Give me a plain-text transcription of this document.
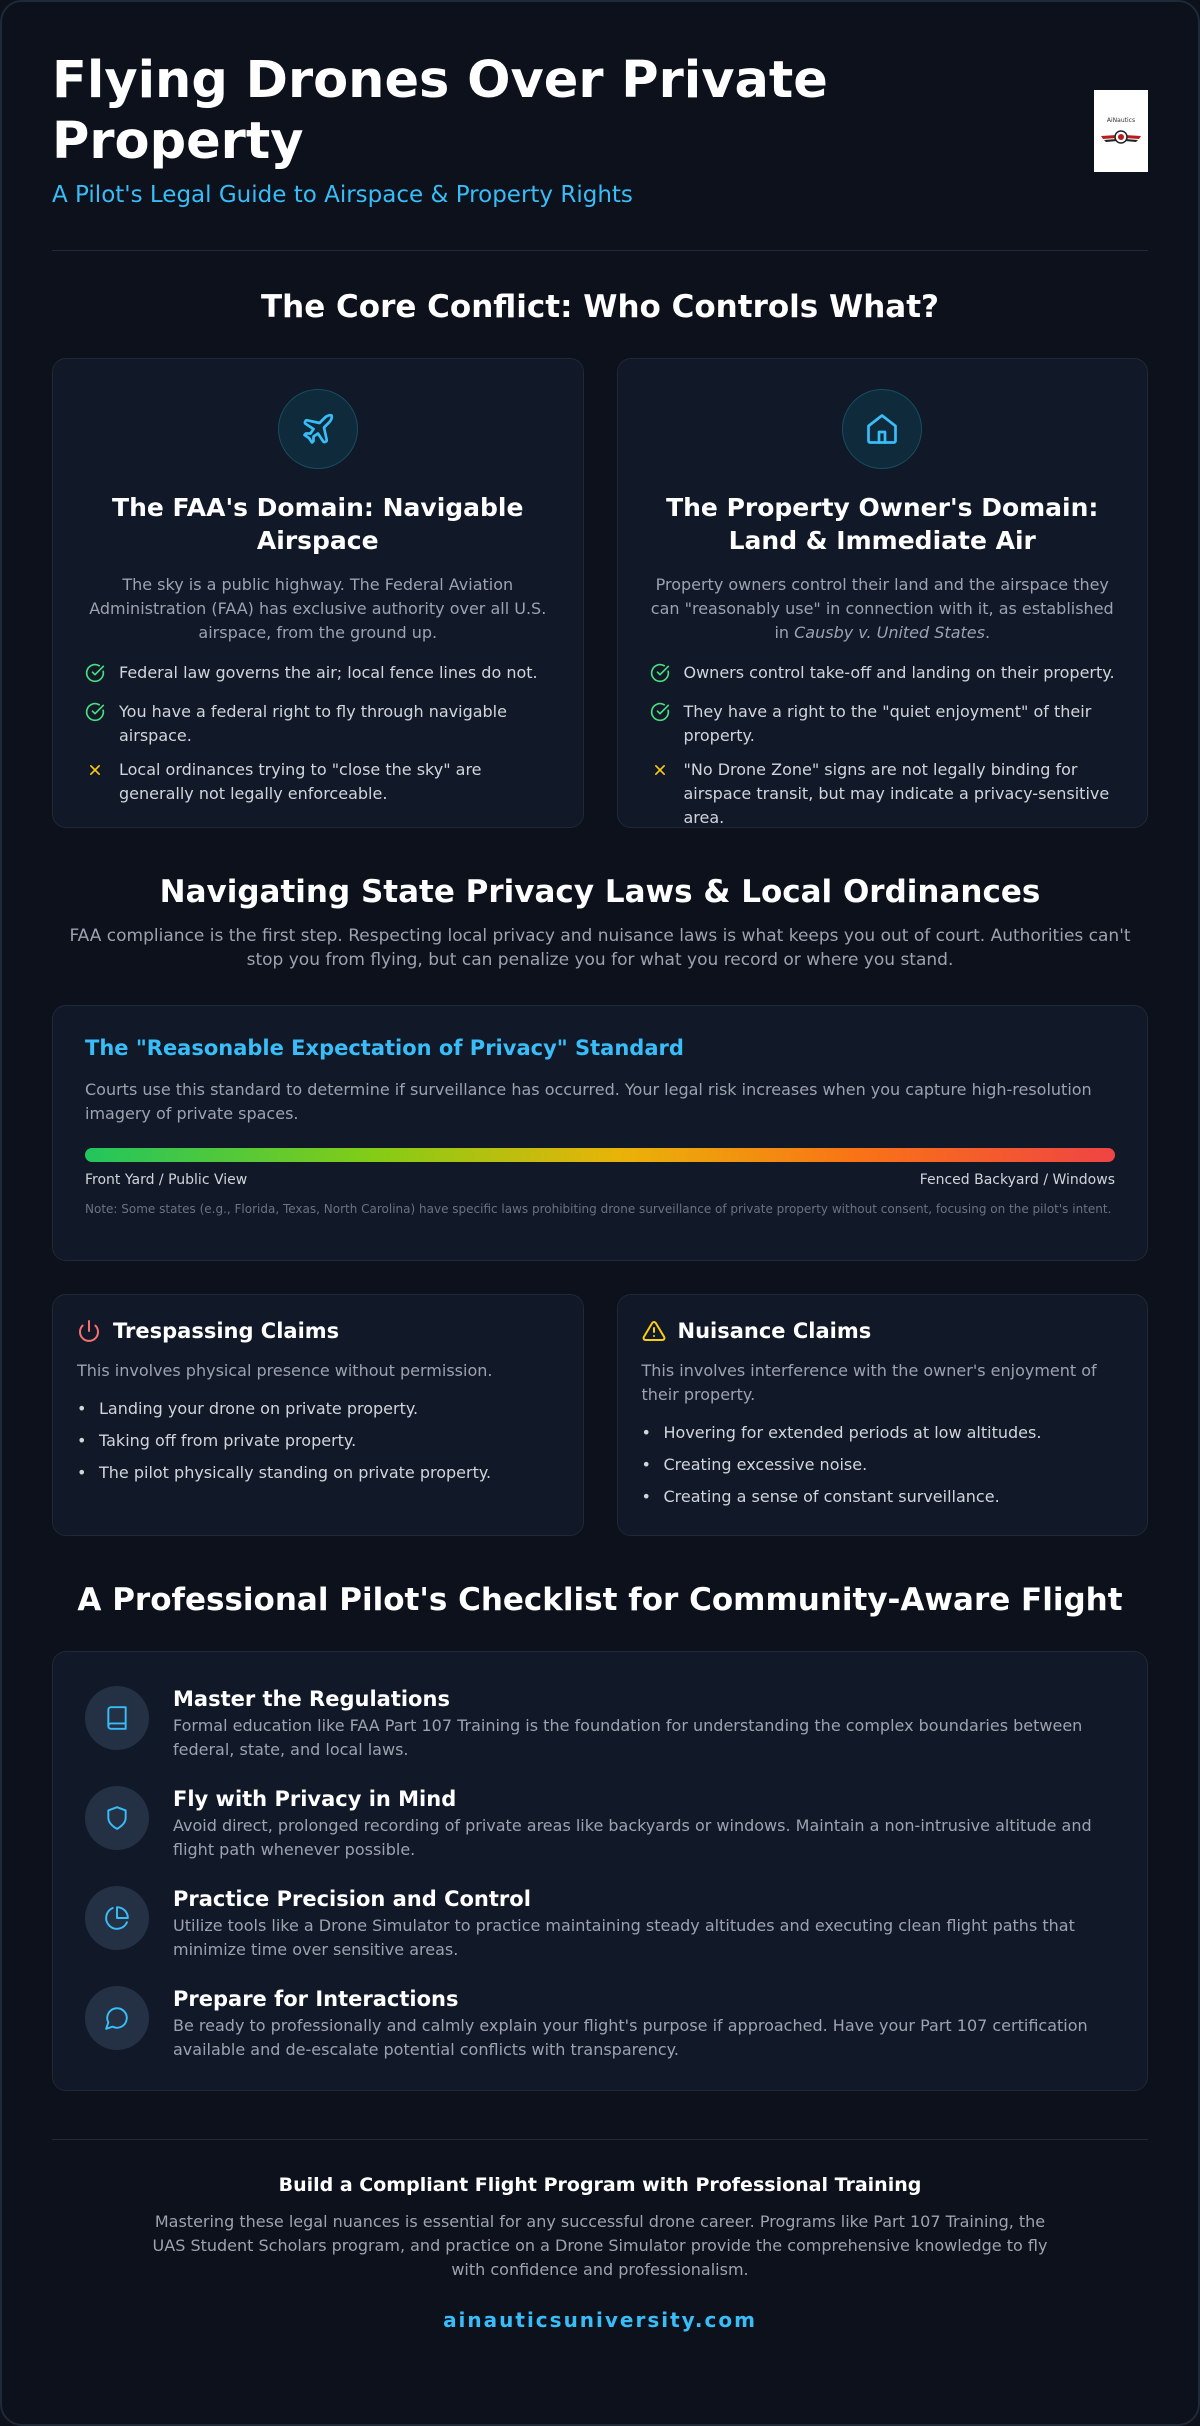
Flying Drones Over Private Property
A Pilot's Legal Guide to Airspace & Property Rights
AiNautics
The Core Conflict: Who Controls What?
The FAA's Domain: Navigable Airspace

The sky is a public highway. The Federal Aviation Administration (FAA) has exclusive authority over all U.S. airspace, from the ground up.

Federal law governs the air; local fence lines do not.
You have a federal right to fly through navigable airspace.
Local ordinances trying to "close the sky" are generally not legally enforceable.
The Property Owner's Domain: Land & Immediate Air

Property owners control their land and the airspace they can "reasonably use" in connection with it, as established in Causby v. United States.

Owners control take-off and landing on their property.
They have a right to the "quiet enjoyment" of their property.
"No Drone Zone" signs are not legally binding for airspace transit, but may indicate a privacy-sensitive area.
Navigating State Privacy Laws & Local Ordinances

FAA compliance is the first step. Respecting local privacy and nuisance laws is what keeps you out of court. Authorities can't stop you from flying, but can penalize you for what you record or where you stand.

The "Reasonable Expectation of Privacy" Standard

Courts use this standard to determine if surveillance has occurred. Your legal risk increases when you capture high-resolution imagery of private spaces.

Front Yard / Public View	Fenced Backyard / Windows

Note: Some states (e.g., Florida, Texas, North Carolina) have specific laws prohibiting drone surveillance of private property without consent, focusing on the pilot's intent.

Trespassing Claims

This involves physical presence without permission.

• Landing your drone on private property.
• Taking off from private property.
• The pilot physically standing on private property.
Nuisance Claims

This involves interference with the owner's enjoyment of their property.

• Hovering for extended periods at low altitudes.
• Creating excessive noise.
• Creating a sense of constant surveillance.
A Professional Pilot's Checklist for Community-Aware Flight
Master the Regulations
Formal education like FAA Part 107 Training is the foundation for understanding the complex boundaries between federal, state, and local laws.
Fly with Privacy in Mind
Avoid direct, prolonged recording of private areas like backyards or windows. Maintain a non-intrusive altitude and flight path whenever possible.
Practice Precision and Control
Utilize tools like a Drone Simulator to practice maintaining steady altitudes and executing clean flight paths that minimize time over sensitive areas.
Prepare for Interactions
Be ready to professionally and calmly explain your flight's purpose if approached. Have your Part 107 certification available and de-escalate potential conflicts with transparency.
Build a Compliant Flight Program with Professional Training

Mastering these legal nuances is essential for any successful drone career. Programs like Part 107 Training, the UAS Student Scholars program, and practice on a Drone Simulator provide the comprehensive knowledge to fly with confidence and professionalism.

ainauticsuniversity.com
